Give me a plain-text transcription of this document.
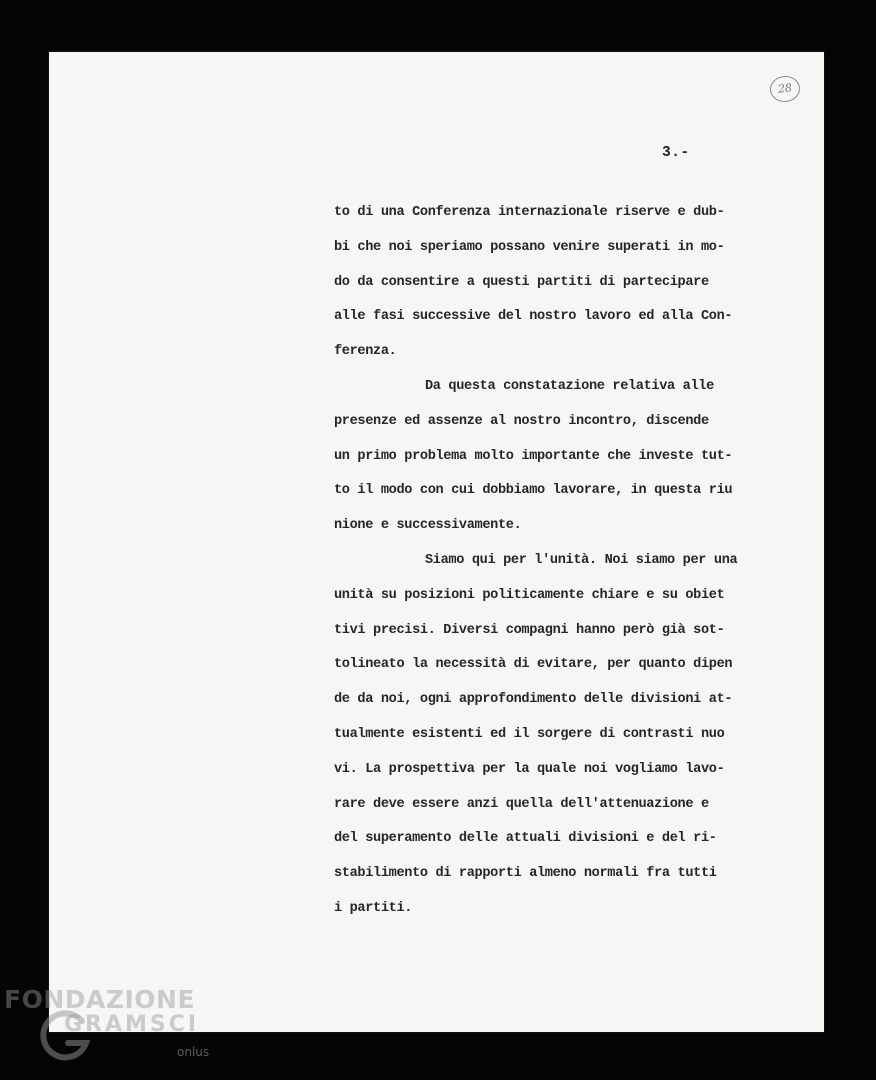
28
3.-
to di una Conferenza internazionale riserve e dub-
bi che noi speriamo possano venire superati in mo-
do da consentire a questi partiti di partecipare
alle fasi successive del nostro lavoro ed alla Con-
ferenza.
Da questa constatazione relativa alle
presenze ed assenze al nostro incontro, discende
un primo problema molto importante che investe tut-
to il modo con cui dobbiamo lavorare, in questa riu
nione e successivamente.
Siamo qui per l'unità. Noi siamo per una
unità su posizioni politicamente chiare e su obiet
tivi precisi. Diversi compagni hanno però già sot-
tolineato la necessità di evitare, per quanto dipen
de da noi, ogni approfondimento delle divisioni at-
tualmente esistenti ed il sorgere di contrasti nuo
vi. La prospettiva per la quale noi vogliamo lavo-
rare deve essere anzi quella dell'attenuazione e
del superamento delle attuali divisioni e del ri-
stabilimento di rapporti almeno normali fra tutti
i partiti.
FONDAZIONE
GRAMSCI
onlus
